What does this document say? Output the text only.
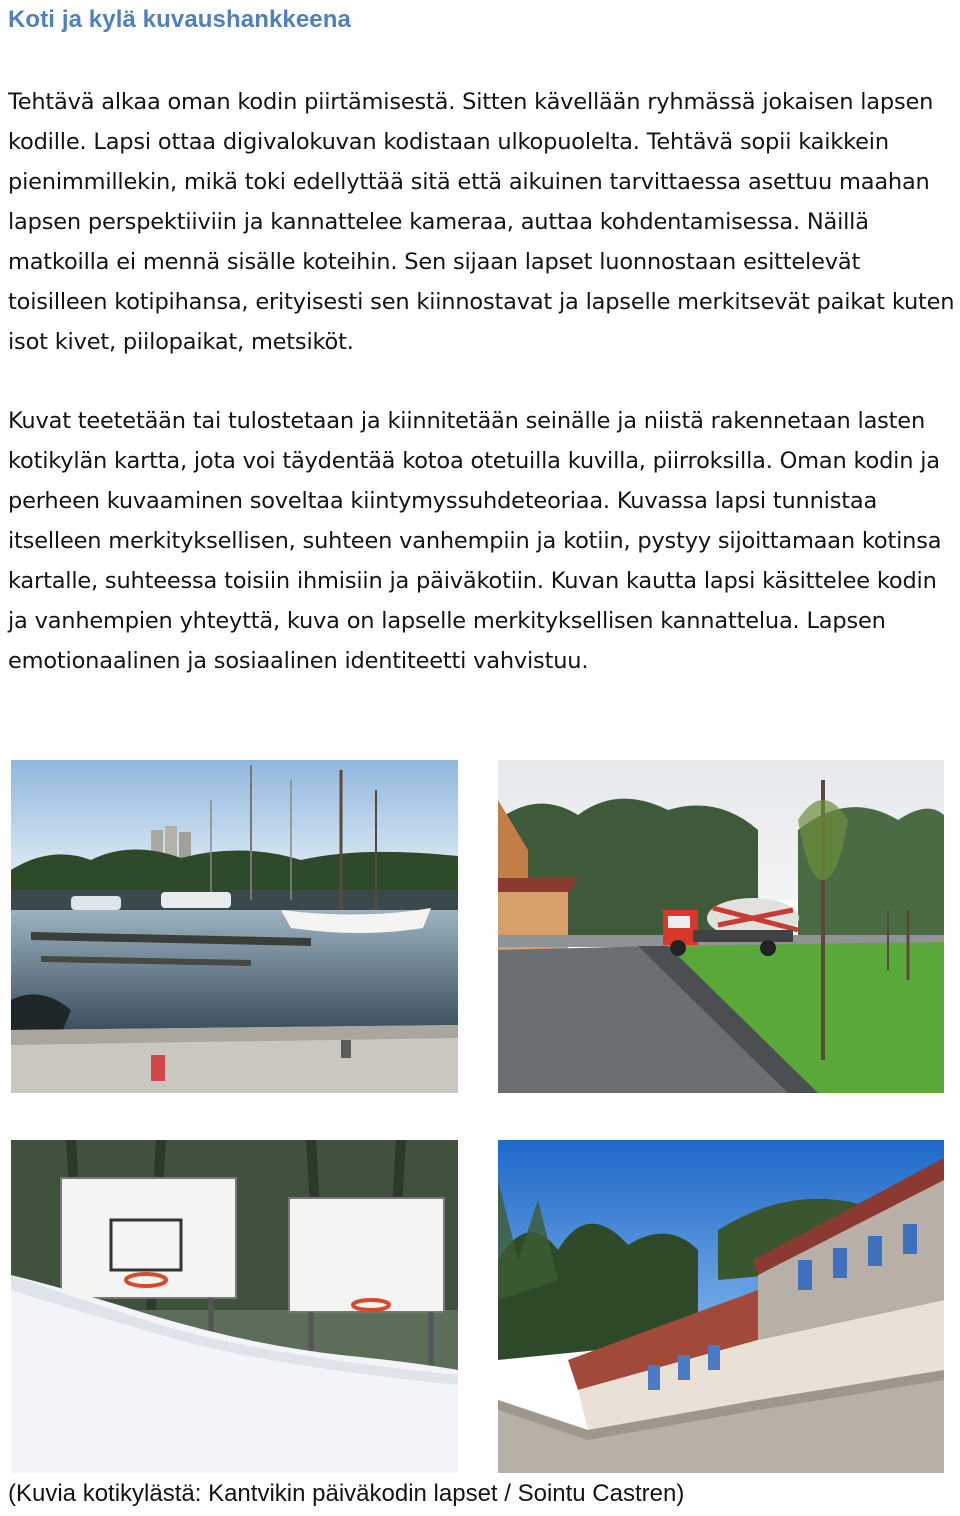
Koti ja kylä kuvaushankkeena

Tehtävä alkaa oman kodin piirtämisestä. Sitten kävellään ryhmässä jokaisen lapsen kodille. Lapsi ottaa digivalokuvan kodistaan ulkopuolelta. Tehtävä sopii kaikkein pienimmillekin, mikä toki edellyttää sitä että aikuinen tarvittaessa asettuu maahan lapsen perspektiiviin ja kannattelee kameraa, auttaa kohdentamisessa. Näillä matkoilla ei mennä sisälle koteihin. Sen sijaan lapset luonnostaan esittelevät toisilleen kotipihansa, erityisesti sen kiinnostavat ja lapselle merkitsevät paikat kuten isot kivet, piilopaikat, metsiköt.

Kuvat teetetään tai tulostetaan ja kiinnitetään seinälle ja niistä rakennetaan lasten kotikylän kartta, jota voi täydentää kotoa otetuilla kuvilla, piirroksilla. Oman kodin ja perheen kuvaaminen soveltaa kiintymyssuhdeteoriaa. Kuvassa lapsi tunnistaa itselleen merkityksellisen, suhteen vanhempiin ja kotiin, pystyy sijoittamaan kotinsa kartalle, suhteessa toisiin ihmisiin ja päiväkotiin. Kuvan kautta lapsi käsittelee kodin ja vanhempien yhteyttä, kuva on lapselle merkityksellisen kannattelua. Lapsen emotionaalinen ja sosiaalinen identiteetti vahvistuu.

(Kuvia kotikylästä: Kantvikin päiväkodin lapset / Sointu Castren)
